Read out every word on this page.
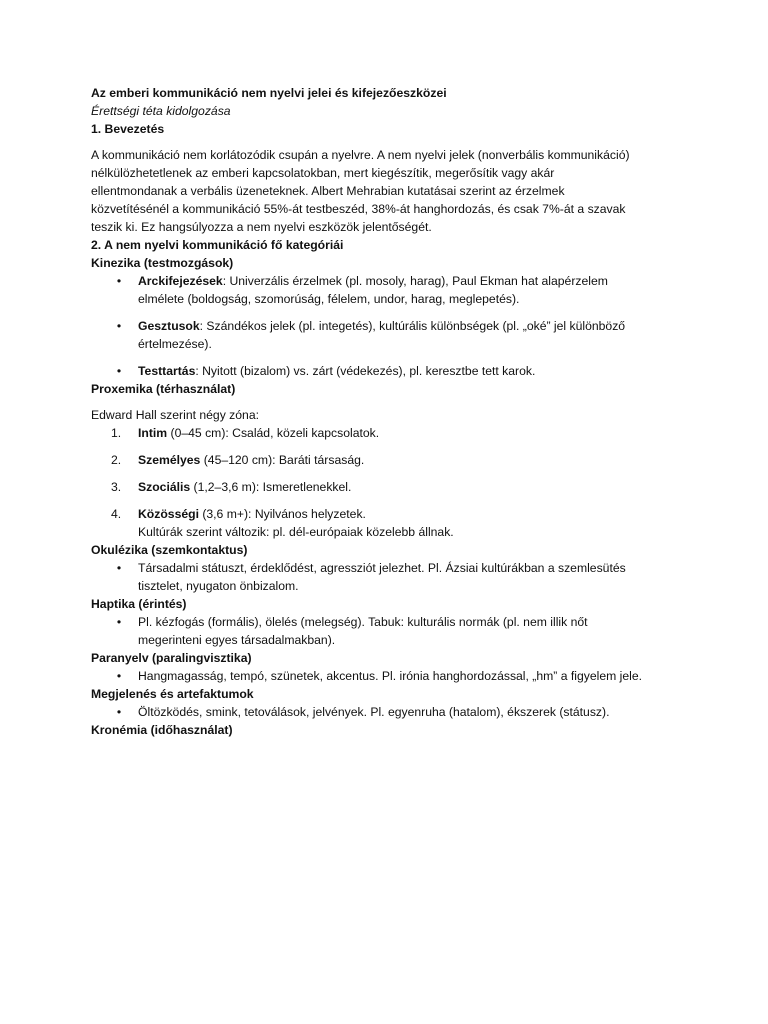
Az emberi kommunikáció nem nyelvi jelei és kifejezőeszközei

Érettségi téta kidolgozása

1. Bevezetés
A kommunikáció nem korlátozódik csupán a nyelvre. A nem nyelvi jelek (nonverbális kommunikáció)
nélkülözhetetlenek az emberi kapcsolatokban, mert kiegészítik, megerősítik vagy akár
ellentmondanak a verbális üzeneteknek. Albert Mehrabian kutatásai szerint az érzelmek
közvetítésénél a kommunikáció 55%-át testbeszéd, 38%-át hanghordozás, és csak 7%-át a szavak
teszik ki. Ez hangsúlyozza a nem nyelvi eszközök jelentőségét.
2. A nem nyelvi kommunikáció fő kategóriái
Kinezika (testmozgások)
• Arckifejezések: Univerzális érzelmek (pl. mosoly, harag), Paul Ekman hat alapérzelem
elmélete (boldogság, szomorúság, félelem, undor, harag, meglepetés).
• Gesztusok: Szándékos jelek (pl. integetés), kultúrális különbségek (pl. „oké” jel különböző
értelmezése).
• Testtartás: Nyitott (bizalom) vs. zárt (védekezés), pl. keresztbe tett karok.
Proxemika (térhasználat)

Edward Hall szerint négy zóna:

1. Intim (0–45 cm): Család, közeli kapcsolatok.
2. Személyes (45–120 cm): Baráti társaság.
3. Szociális (1,2–3,6 m): Ismeretlenekkel.
4. Közösségi (3,6 m+): Nyilvános helyzetek.
Kultúrák szerint változik: pl. dél-európaiak közelebb állnak.
Okulézika (szemkontaktus)
• Társadalmi státuszt, érdeklődést, agressziót jelezhet. Pl. Ázsiai kultúrákban a szemlesütés
tisztelet, nyugaton önbizalom.
Haptika (érintés)
• Pl. kézfogás (formális), ölelés (melegség). Tabuk: kulturális normák (pl. nem illik nőt
megerinteni egyes társadalmakban).
Paranyelv (paralingvisztika)
• Hangmagasság, tempó, szünetek, akcentus. Pl. irónia hanghordozással, „hm” a figyelem jele.
Megjelenés és artefaktumok
• Öltözködés, smink, tetoválások, jelvények. Pl. egyenruha (hatalom), ékszerek (státusz).
Kronémia (időhasználat)
